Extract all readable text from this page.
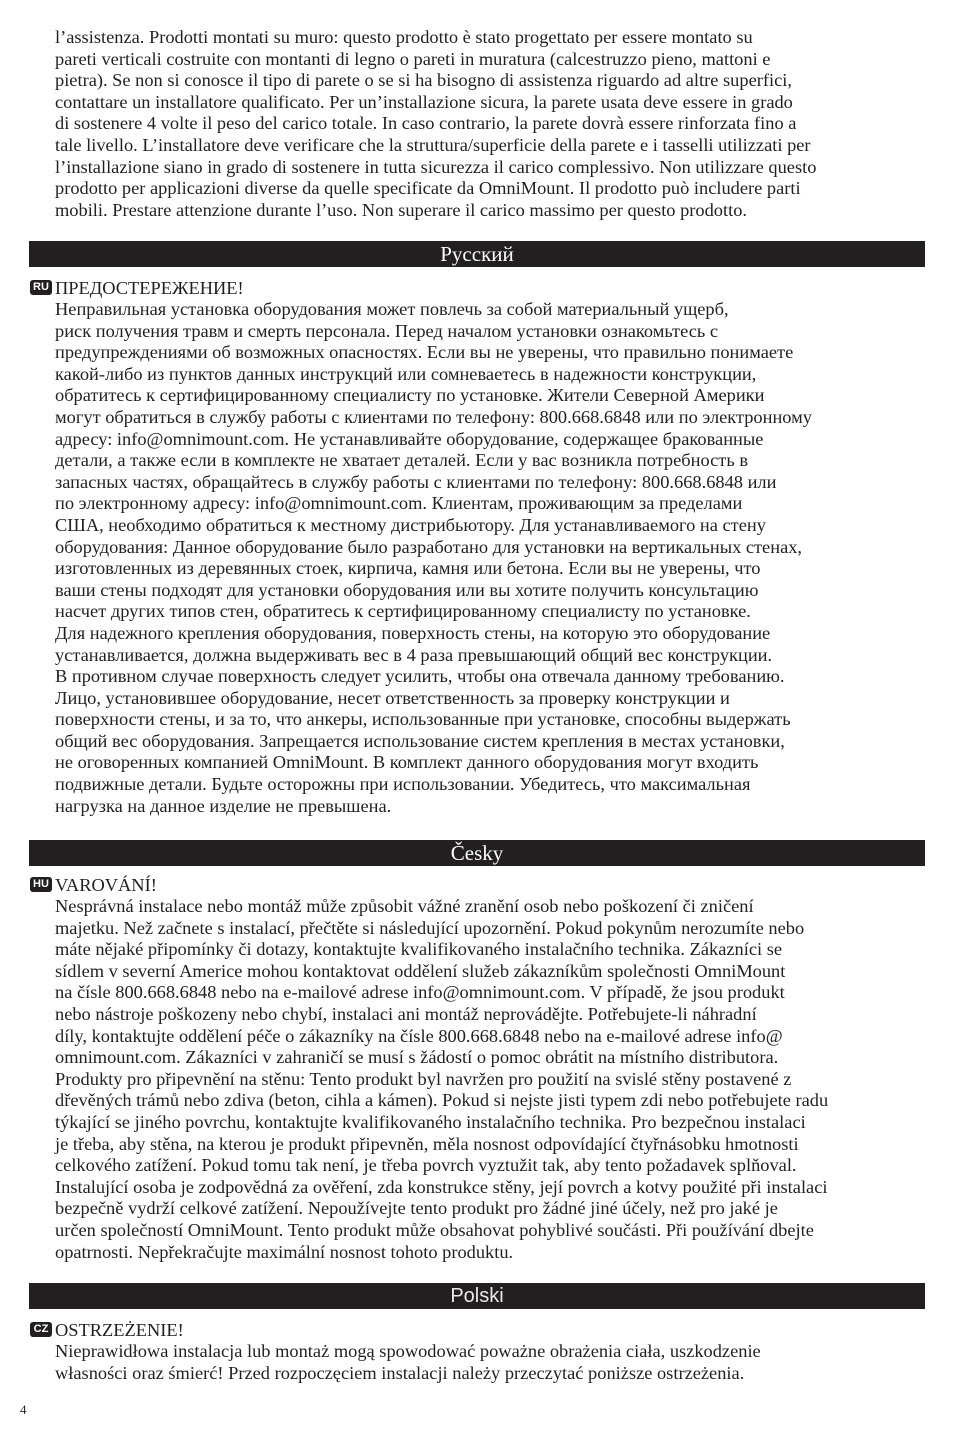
l’assistenza. Prodotti montati su muro: questo prodotto è stato progettato per essere montato su
pareti verticali costruite con montanti di legno o pareti in muratura (calcestruzzo pieno, mattoni e
pietra). Se non si conosce il tipo di parete o se si ha bisogno di assistenza riguardo ad altre superfici,
contattare un installatore qualificato. Per un’installazione sicura, la parete usata deve essere in grado
di sostenere 4 volte il peso del carico totale. In caso contrario, la parete dovrà essere rinforzata fino a
tale livello. L’installatore deve verificare che la struttura/superficie della parete e i tasselli utilizzati per
l’installazione siano in grado di sostenere in tutta sicurezza il carico complessivo. Non utilizzare questo
prodotto per applicazioni diverse da quelle specificate da OmniMount. Il prodotto può includere parti
mobili. Prestare attenzione durante l’uso. Non superare il carico massimo per questo prodotto.

Русский
RU ПРЕДОСТЕРЕЖЕНИЕ!

Неправильная установка оборудования может повлечь за собой материальный ущерб,
риск получения травм и смерть персонала. Перед началом установки ознакомьтесь с
предупреждениями об возможных опасностях. Если вы не уверены, что правильно понимаете
какой-либо из пунктов данных инструкций или сомневаетесь в надежности конструкции,
обратитесь к сертифицированному специалисту по установке. Жители Северной Америки
могут обратиться в службу работы с клиентами по телефону: 800.668.6848 или по электронному
адресу: info@omnimount.com. Не устанавливайте оборудование, содержащее бракованные
детали, а также если в комплекте не хватает деталей. Если у вас возникла потребность в
запасных частях, обращайтесь в службу работы с клиентами по телефону: 800.668.6848 или
по электронному адресу: info@omnimount.com. Клиентам, проживающим за пределами
США, необходимо обратиться к местному дистрибьютору. Для устанавливаемого на стену
оборудования: Данное оборудование было разработано для установки на вертикальных стенах,
изготовленных из деревянных стоек, кирпича, камня или бетона. Если вы не уверены, что
ваши стены подходят для установки оборудования или вы хотите получить консультацию
насчет других типов стен, обратитесь к сертифицированному специалисту по установке.
Для надежного крепления оборудования, поверхность стены, на которую это оборудование
устанавливается, должна выдерживать вес в 4 раза превышающий общий вес конструкции.
В противном случае поверхность следует усилить, чтобы она отвечала данному требованию.
Лицо, установившее оборудование, несет ответственность за проверку конструкции и
поверхности стены, и за то, что анкеры, использованные при установке, способны выдержать
общий вес оборудования. Запрещается использование систем крепления в местах установки,
не оговоренных компанией OmniMount. В комплект данного оборудования могут входить
подвижные детали. Будьте осторожны при использовании. Убедитесь, что максимальная
нагрузка на данное изделие не превышена.

Česky
HU VAROVÁNÍ!

Nesprávná instalace nebo montáž může způsobit vážné zranění osob nebo poškození či zničení
majetku. Než začnete s instalací, přečtěte si následující upozornění. Pokud pokynům nerozumíte nebo
máte nějaké připomínky či dotazy, kontaktujte kvalifikovaného instalačního technika. Zákazníci se
sídlem v severní Americe mohou kontaktovat oddělení služeb zákazníkům společnosti OmniMount
na čísle 800.668.6848 nebo na e-mailové adrese info@omnimount.com. V případě, že jsou produkt
nebo nástroje poškozeny nebo chybí, instalaci ani montáž neprovádějte. Potřebujete-li náhradní
díly, kontaktujte oddělení péče o zákazníky na čísle 800.668.6848 nebo na e-mailové adrese info@
omnimount.com. Zákazníci v zahraničí se musí s žádostí o pomoc obrátit na místního distributora.
Produkty pro připevnění na stěnu: Tento produkt byl navržen pro použití na svislé stěny postavené z
dřevěných trámů nebo zdiva (beton, cihla a kámen). Pokud si nejste jisti typem zdi nebo potřebujete radu
týkající se jiného povrchu, kontaktujte kvalifikovaného instalačního technika. Pro bezpečnou instalaci
je třeba, aby stěna, na kterou je produkt připevněn, měla nosnost odpovídající čtyřnásobku hmotnosti
celkového zatížení. Pokud tomu tak není, je třeba povrch vyztužit tak, aby tento požadavek splňoval.
Instalující osoba je zodpovědná za ověření, zda konstrukce stěny, její povrch a kotvy použité při instalaci
bezpečně vydrží celkové zatížení. Nepoužívejte tento produkt pro žádné jiné účely, než pro jaké je
určen společností OmniMount. Tento produkt může obsahovat pohyblivé součásti. Při používání dbejte
opatrnosti. Nepřekračujte maximální nosnost tohoto produktu.

Polski
CZ OSTRZEŻENIE!

Nieprawidłowa instalacja lub montaż mogą spowodować poważne obrażenia ciała, uszkodzenie
własności oraz śmierć! Przed rozpoczęciem instalacji należy przeczytać poniższe ostrzeżenia.

4
